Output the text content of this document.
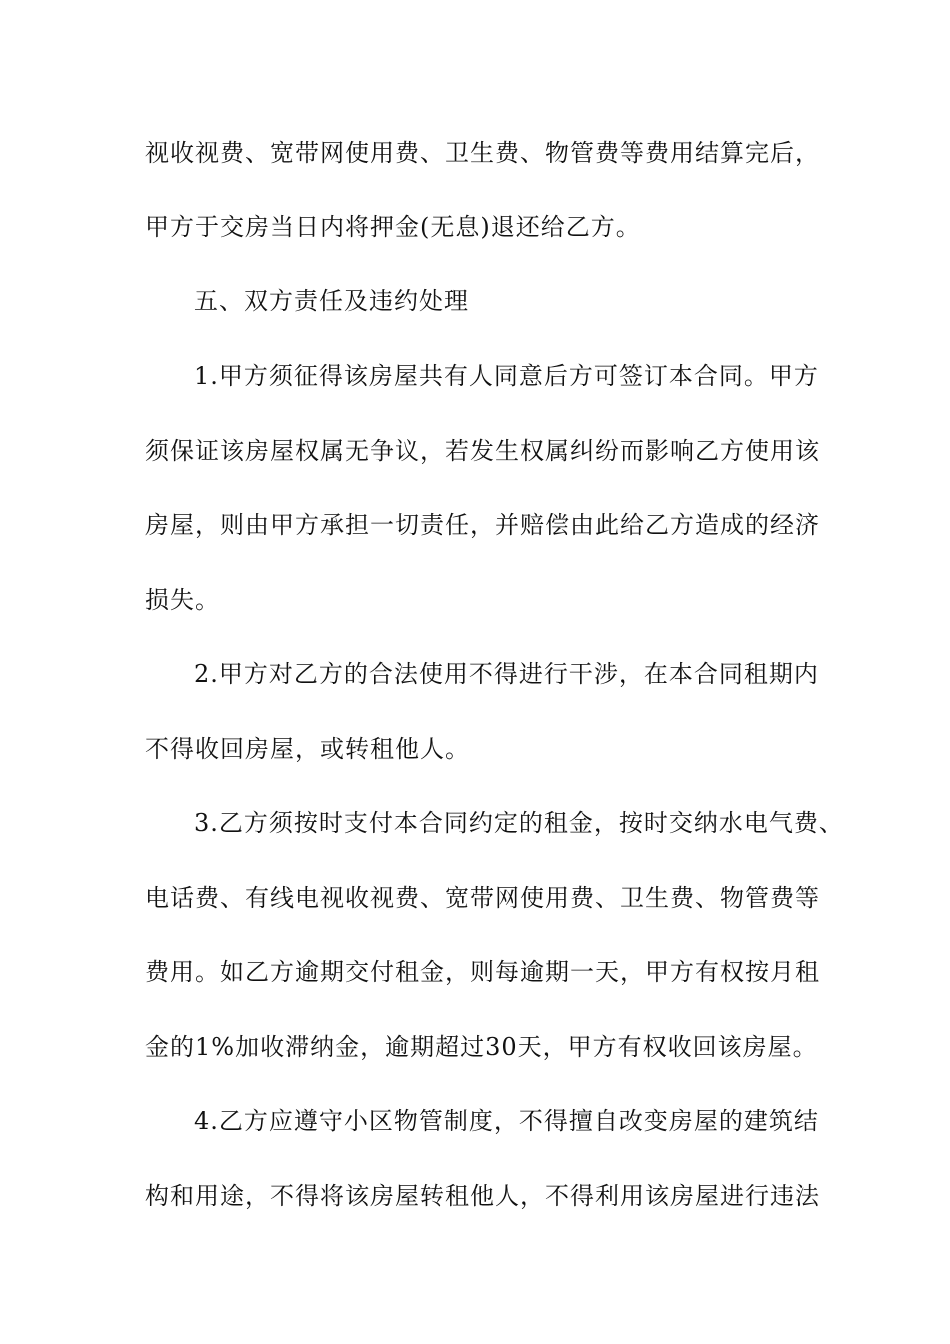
视收视费、宽带网使用费、卫生费、物管费等费用结算完后，
甲方于交房当日内将押金(无息)退还给乙方。
五、双方责任及违约处理
1.甲方须征得该房屋共有人同意后方可签订本合同。甲方
须保证该房屋权属无争议，若发生权属纠纷而影响乙方使用该
房屋，则由甲方承担一切责任，并赔偿由此给乙方造成的经济
损失。
2.甲方对乙方的合法使用不得进行干涉，在本合同租期内
不得收回房屋，或转租他人。
3.乙方须按时支付本合同约定的租金，按时交纳水电气费、
电话费、有线电视收视费、宽带网使用费、卫生费、物管费等
费用。如乙方逾期交付租金，则每逾期一天，甲方有权按月租
金的1%加收滞纳金，逾期超过30天，甲方有权收回该房屋。
4.乙方应遵守小区物管制度，不得擅自改变房屋的建筑结
构和用途，不得将该房屋转租他人，不得利用该房屋进行违法
